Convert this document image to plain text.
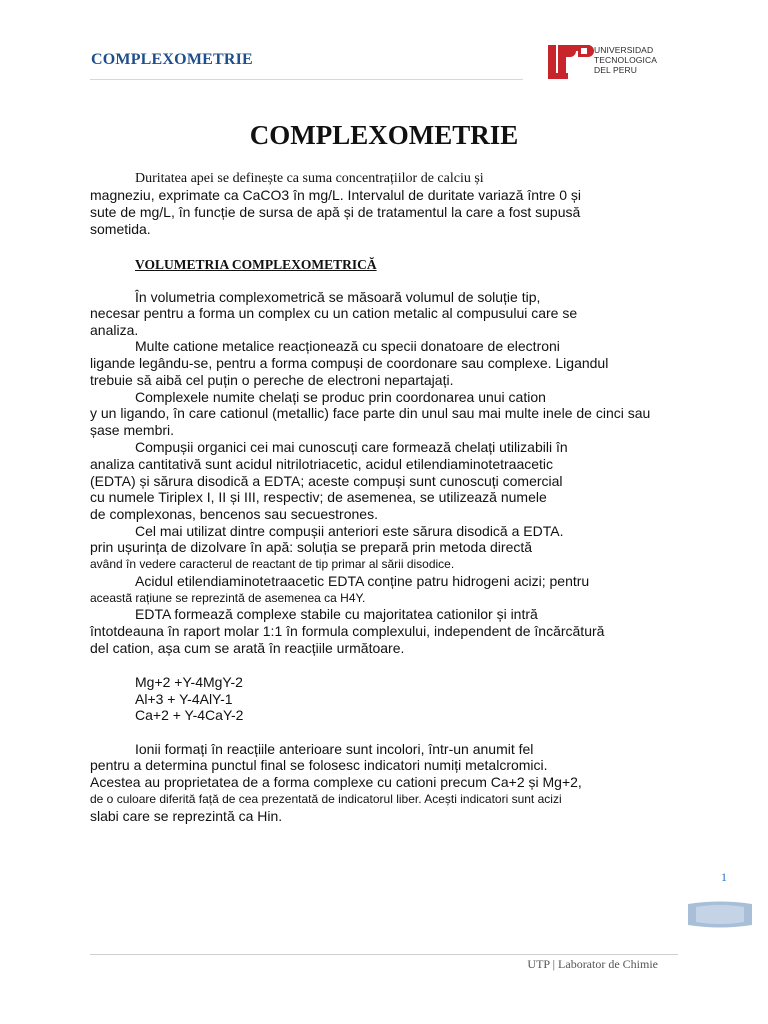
COMPLEXOMETRIE
UNIVERSIDAD
TECNOLOGICA
DEL PERU
COMPLEXOMETRIE
Duritatea apei se definește ca suma concentrațiilor de calciu și
magneziu, exprimate ca CaCO3 în mg/L. Intervalul de duritate variază între 0 și
sute de mg/L, în funcție de sursa de apă și de tratamentul la care a fost supusă
sometida.
VOLUMETRIA COMPLEXOMETRICĂ
În volumetria complexometrică se măsoară volumul de soluție tip,
necesar pentru a forma un complex cu un cation metalic al compusului care se
analiza.
Multe catione metalice reacționează cu specii donatoare de electroni
ligande legându-se, pentru a forma compuși de coordonare sau complexe. Ligandul
trebuie să aibă cel puțin o pereche de electroni nepartajați.
Complexele numite chelați se produc prin coordonarea unui cation
y un ligando, în care cationul (metallic) face parte din unul sau mai multe inele de cinci sau
șase membri.
Compușii organici cei mai cunoscuți care formează chelați utilizabili în
analiza cantitativă sunt acidul nitrilotriacetic, acidul etilendiaminotetraacetic
(EDTA) și sărura disodică a EDTA; aceste compuși sunt cunoscuți comercial
cu numele Tiriplex I, II și III, respectiv; de asemenea, se utilizează numele
de complexonas, bencenos sau secuestrones.
Cel mai utilizat dintre compușii anteriori este sărura disodică a EDTA.
prin ușurința de dizolvare în apă: soluția se prepară prin metoda directă
având în vedere caracterul de reactant de tip primar al sării disodice.
Acidul etilendiaminotetraacetic EDTA conține patru hidrogeni acizi; pentru
aceastã rațiune se reprezintă de asemenea ca H4Y.
EDTA formează complexe stabile cu majoritatea cationilor și intră
întotdeauna în raport molar 1:1 în formula complexului, independent de încărcătură
del cation, așa cum se arată în reacțiile următoare.
Mg+2 +Y-4MgY-2
Al+3 + Y-4AlY-1
Ca+2 + Y-4CaY-2
Ionii formați în reacțiile anterioare sunt incolori, într-un anumit fel
pentru a determina punctul final se folosesc indicatori numiți metalcromici.
Acestea au proprietatea de a forma complexe cu cationi precum Ca+2 și Mg+2,
de o culoare diferită față de cea prezentată de indicatorul liber. Acești indicatori sunt acizi
slabi care se reprezintă ca Hin.
1
UTP | Laborator de Chimie
